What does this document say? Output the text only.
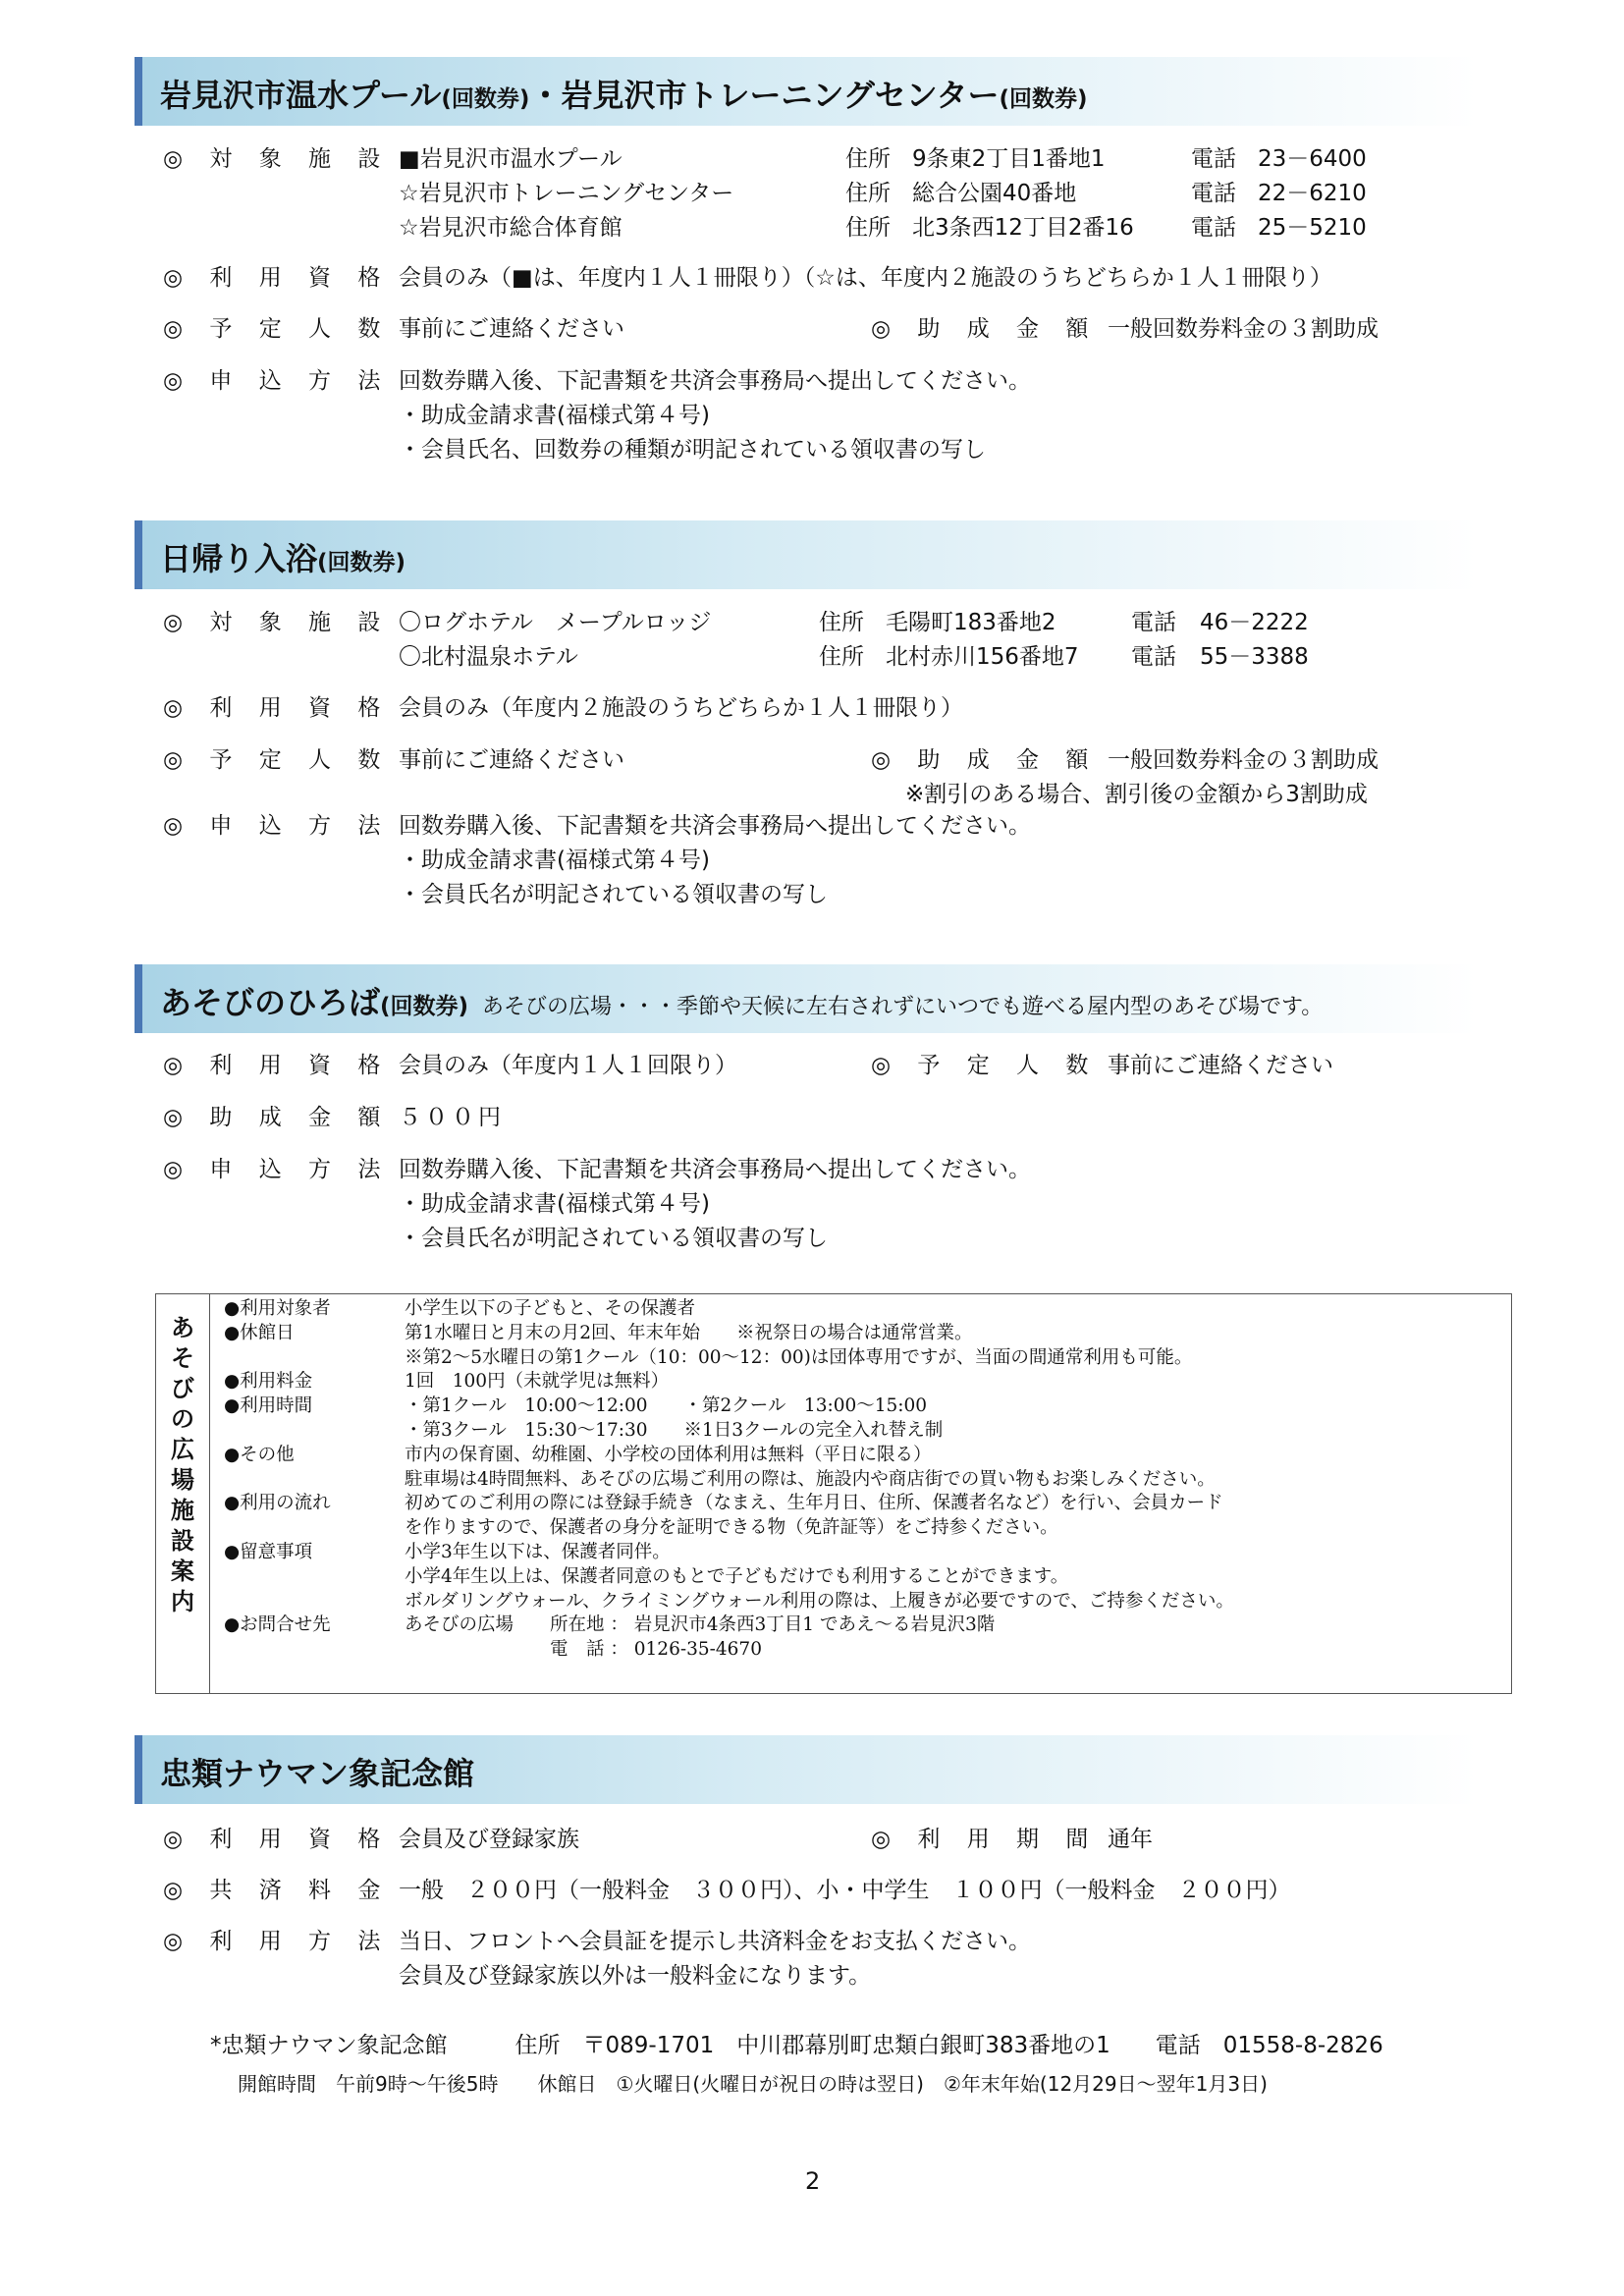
岩見沢市温水プール(回数券)・岩見沢市トレーニングセンター(回数券)
◎ 対 象 施 設 ■岩見沢市温水プール	住所 9条東2丁目1番地1	電話 23－6400
☆岩見沢市トレーニングセンター	住所 総合公園40番地	電話 22－6210
☆岩見沢市総合体育館	住所 北3条西12丁目2番16	電話 25－5210
◎ 利 用 資 格 会員のみ（■は、年度内１人１冊限り）（☆は、年度内２施設のうちどちらか１人１冊限り）
◎ 予 定 人 数 事前にご連絡ください	◎ 助 成 金 額 一般回数券料金の３割助成
◎ 申 込 方 法 回数券購入後、下記書類を共済会事務局へ提出してください。
・助成金請求書(福様式第４号)
・会員氏名、回数券の種類が明記されている領収書の写し
日帰り入浴(回数券)
◎ 対 象 施 設 〇ログホテル　メープルロッジ	住所 毛陽町183番地2	電話 46－2222
〇北村温泉ホテル	住所 北村赤川156番地7 電話 55－3388
◎ 利 用 資 格 会員のみ（年度内２施設のうちどちらか１人１冊限り）
◎ 予 定 人 数 事前にご連絡ください	◎ 助 成 金 額 一般回数券料金の３割助成
※割引のある場合、割引後の金額から3割助成
◎ 申 込 方 法 回数券購入後、下記書類を共済会事務局へ提出してください。
・助成金請求書(福様式第４号)
・会員氏名が明記されている領収書の写し
あそびのひろば(回数券) あそびの広場・・・季節や天候に左右されずにいつでも遊べる屋内型のあそび場です。
◎ 利 用 資 格 会員のみ（年度内１人１回限り）	◎ 予 定 人 数 事前にご連絡ください
◎ 助 成 金 額 ５００円
◎ 申 込 方 法 回数券購入後、下記書類を共済会事務局へ提出してください。
・助成金請求書(福様式第４号)
・会員氏名が明記されている領収書の写し
あそびの広場施設案内
●利用対象者	小学生以下の子どもと、その保護者
●休館日	第1水曜日と月末の月2回、年末年始　　※祝祭日の場合は通常営業。
※第2～5水曜日の第1クール（10：00～12：00)は団体専用ですが、当面の間通常利用も可能。
●利用料金	1回　100円（未就学児は無料）
●利用時間	・第1クール　10:00～12:00　　・第2クール　13:00～15:00
・第3クール　15:30～17:30　　※1日3クールの完全入れ替え制
●その他	市内の保育園、幼稚園、小学校の団体利用は無料（平日に限る）
駐車場は4時間無料、あそびの広場ご利用の際は、施設内や商店街での買い物もお楽しみください。
●利用の流れ	初めてのご利用の際には登録手続き（なまえ、生年月日、住所、保護者名など）を行い、会員カード
を作りますので、保護者の身分を証明できる物（免許証等）をご持参ください。
●留意事項	小学3年生以下は、保護者同伴。
小学4年生以上は、保護者同意のもとで子どもだけでも利用することができます。
ボルダリングウォール、クライミングウォール利用の際は、上履きが必要ですので、ご持参ください。
●お問合せ先	あそびの広場　　所在地 ： 岩見沢市4条西3丁目1 であえ～る岩見沢3階
　　　　　　　　電　話 ： 0126-35-4670
忠類ナウマン象記念館
◎ 利 用 資 格 会員及び登録家族	◎ 利 用 期 間 通年
◎ 共 済 料 金 一般　２００円（一般料金　３００円）、小・中学生　１００円（一般料金　２００円）
◎ 利 用 方 法 当日、フロントへ会員証を提示し共済料金をお支払ください。
会員及び登録家族以外は一般料金になります。
*忠類ナウマン象記念館　　　住所　〒089-1701　中川郡幕別町忠類白銀町383番地の1　　電話　01558-8-2826
開館時間　午前9時～午後5時　　休館日　①火曜日(火曜日が祝日の時は翌日)　②年末年始(12月29日～翌年1月3日)
2
